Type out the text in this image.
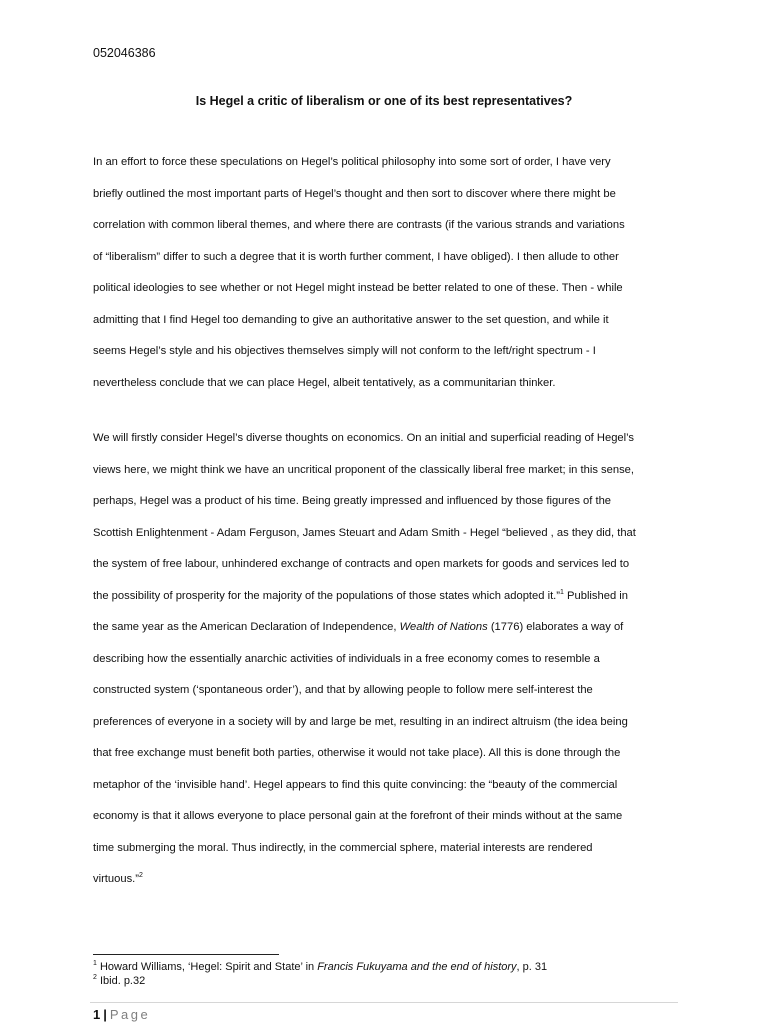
052046386
Is Hegel a critic of liberalism or one of its best representatives?
In an effort to force these speculations on Hegel’s political philosophy into some sort of order, I have very
briefly outlined the most important parts of Hegel’s thought and then sort to discover where there might be
correlation with common liberal themes, and where there are contrasts (if the various strands and variations
of “liberalism” differ to such a degree that it is worth further comment, I have obliged). I then allude to other
political ideologies to see whether or not Hegel might instead be better related to one of these. Then - while
admitting that I find Hegel too demanding to give an authoritative answer to the set question, and while it
seems Hegel’s style and his objectives themselves simply will not conform to the left/right spectrum - I
nevertheless conclude that we can place Hegel, albeit tentatively, as a communitarian thinker.
We will firstly consider Hegel’s diverse thoughts on economics. On an initial and superficial reading of Hegel’s
views here, we might think we have an uncritical proponent of the classically liberal free market; in this sense,
perhaps, Hegel was a product of his time. Being greatly impressed and influenced by those figures of the
Scottish Enlightenment - Adam Ferguson, James Steuart and Adam Smith - Hegel “believed , as they did, that
the system of free labour, unhindered exchange of contracts and open markets for goods and services led to
the possibility of prosperity for the majority of the populations of those states which adopted it.”$^1$ Published in
the same year as the American Declaration of Independence, Wealth of Nations (1776) elaborates a way of
describing how the essentially anarchic activities of individuals in a free economy comes to resemble a
constructed system (‘spontaneous order’), and that by allowing people to follow mere self-interest the
preferences of everyone in a society will by and large be met, resulting in an indirect altruism (the idea being
that free exchange must benefit both parties, otherwise it would not take place). All this is done through the
metaphor of the ‘invisible hand’. Hegel appears to find this quite convincing: the “beauty of the commercial
economy is that it allows everyone to place personal gain at the forefront of their minds without at the same
time submerging the moral. Thus indirectly, in the commercial sphere, material interests are rendered
virtuous.”$^2$
$^1$ Howard Williams, ‘Hegel: Spirit and State’ in Francis Fukuyama and the end of history, p. 31
$^2$ Ibid. p.32
1 | Page
